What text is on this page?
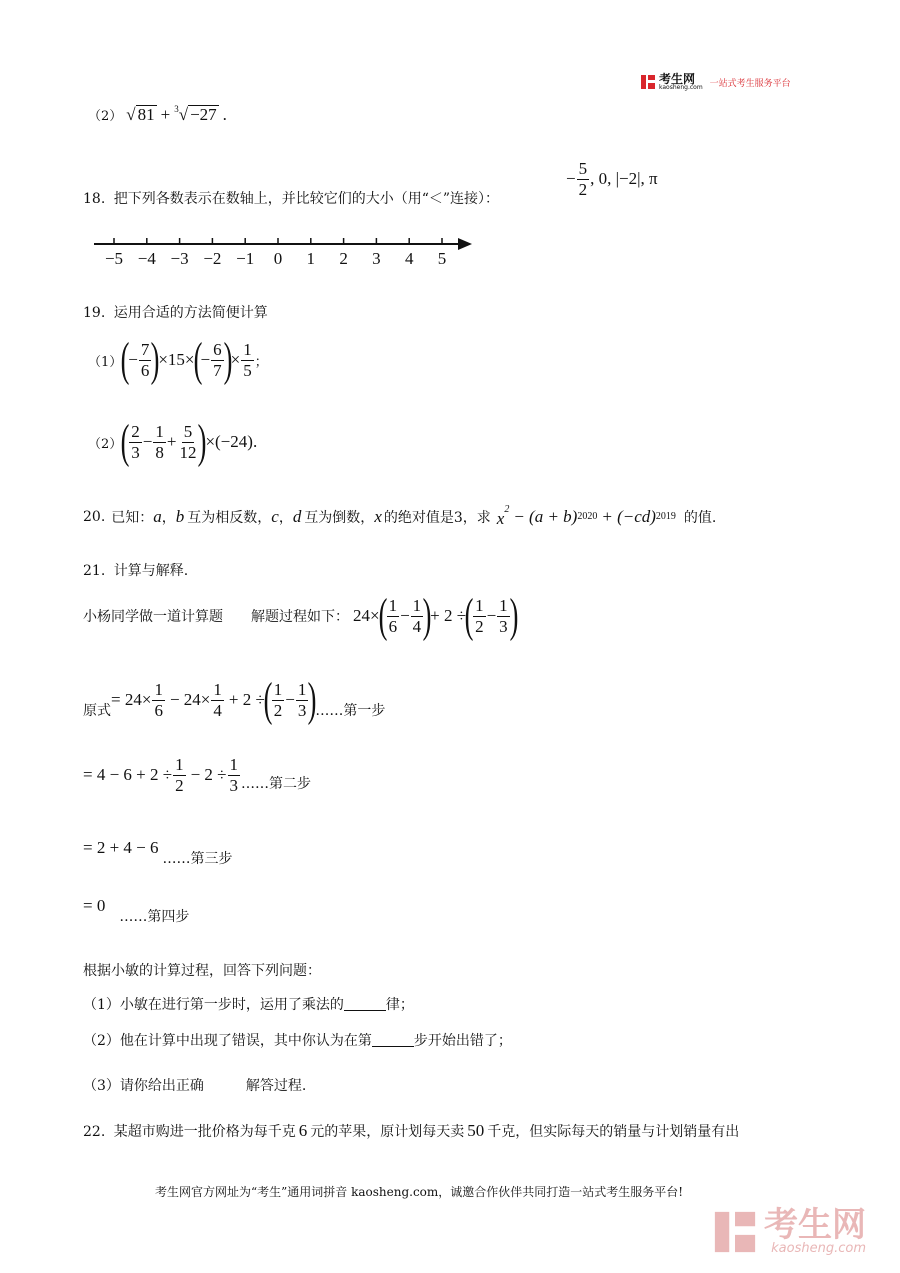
考生网
kaosheng.com 一站式考生服务平台
（2） √ 81 + $^3$√ −27 .
18. 把下列各数表示在数轴上，并比较它们的大小（用“＜”连接）：
− $\frac{5}{2}$ , 0, |−2|, π
−5 −4 −3 −2 −1 0 1 2 3 4 5
19. 运用合适的方法简便计算
（1）
(
− $\frac{7}{6}$ )
×15×
(
− $\frac{6}{7}$ )
× $\frac{1}{5}$ ；
（2）
( $\frac{2}{3} - \frac{1}{8} + \frac{5}{12}$ )
×(−24) .
20. 已知： a ， b 互为相反数， c ， d 互为倒数， x 的绝对值是3，求 $x^2 - (a + b) 2020 + (-cd)$ 2019 的值.
21. 计算与解释.
小杨同学做一道计算题　　解题过程如下： 24×
( $\frac{1}{6} - \frac{1}{4}$ )
+ 2 ÷
( $\frac{1}{2} - \frac{1}{3}$ )
原式
= $24\times \frac{1}{6} - 24\times \frac{1}{4} + 2$ ÷
( $\frac{1}{2} - \frac{1}{3}$ )
……第一步
= $4 - 6 + 2 \div \frac{1}{2} - 2 \div \frac{1}{3}$ ……第二步
= 2 + 4 − 6
……第三步
= 0
……第四步
根据小敏的计算过程，回答下列问题：
（1）小敏在进行第一步时，运用了乘法的	律；
（2）他在计算中出现了错误，其中你认为在第	步开始出错了；
（3）请你给出正确　　　解答过程.
22. 某超市购进一批价格为每千克 6 元的苹果，原计划每天卖 50 千克，但实际每天的销量与计划销量有出
考生网官方网址为“考生”通用词拼音 kaosheng.com，诚邀合作伙伴共同打造一站式考生服务平台!
考生网
kaosheng.com
